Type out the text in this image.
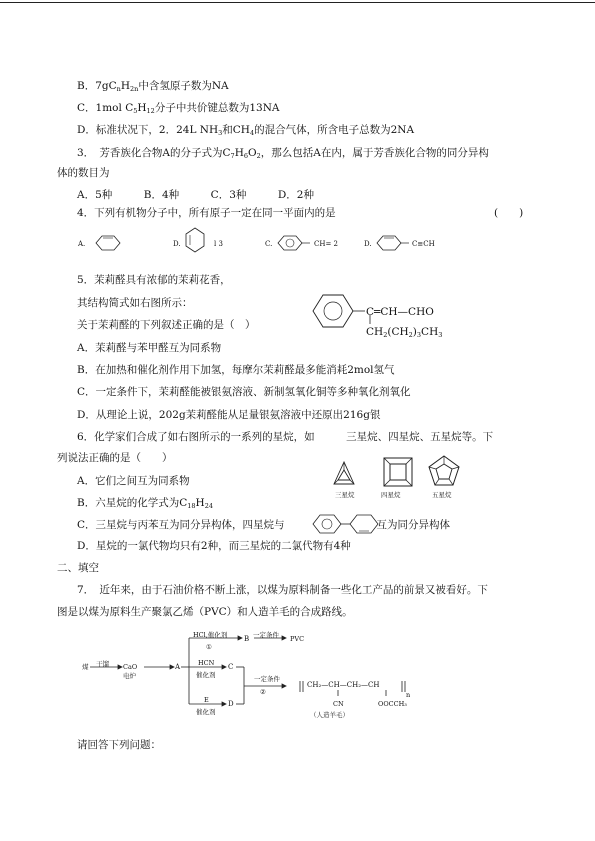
B．$7gC_nH_{2n}$中含氢原子数为NA
C．1mol $C_5H_{12}$分子中共价键总数为13NA
D．标准状况下，2．24L $NH_3$和$CH_4$的混合气体，所含电子总数为2NA
3．　芳香族化合物A的分子式为$C_7H_6O_2$，那么包括A在内，属于芳香族化合物的同分异构
体的数目为
A．5种　　　B．4种　　　C．3种　　　D．2种
4．下列有机物分子中，所有原子一定在同一平面内的是	(　　)
A.	D.	l 3	C.	CH= 2	D.	C≡CH
5．茉莉醛具有浓郁的茉莉花香，
其结构简式如右图所示：
关于茉莉醛的下列叙述正确的是（　）
C═CH—CHO
$CH_2(CH_2)_3CH_3$
A．茉莉醛与苯甲醛互为同系物
B．在加热和催化剂作用下加氢，每摩尔茉莉醛最多能消耗2mol氢气
C．一定条件下，茉莉醛能被银氨溶液、新制氢氧化铜等多种氧化剂氧化
D．从理论上说，202g茉莉醛能从足量银氨溶液中还原出216g银
6．化学家们合成了如右图所示的一系列的星烷，如　　　三星烷、四星烷、五星烷等。下
列说法正确的是（　　）
A．它们之间互为同系物
B．六星烷的化学式为$C_{18}H_{24}$
C．三星烷与丙苯互为同分异构体，四星烷与	互为同分异构体
D．星烷的一氯代物均只有2种，而三星烷的二氯代物有4种
三星烷	四星烷	五星烷
二、填空
7．　近年来，由于石油价格不断上涨，以煤为原料制备一些化工产品的前景又被看好。下
图是以煤为原料生产聚氯乙烯（PVC）和人造羊毛的合成路线。
煤 干馏 CaO
电炉
A
HCl,催化剂
①
B 一定条件 PVC
HCN
催化剂
C
E
催化剂
D
一定条件
②
CH₂—CH—CH₂—CH
n
CN	OOCCH₃
（人造羊毛）
请回答下列问题：
